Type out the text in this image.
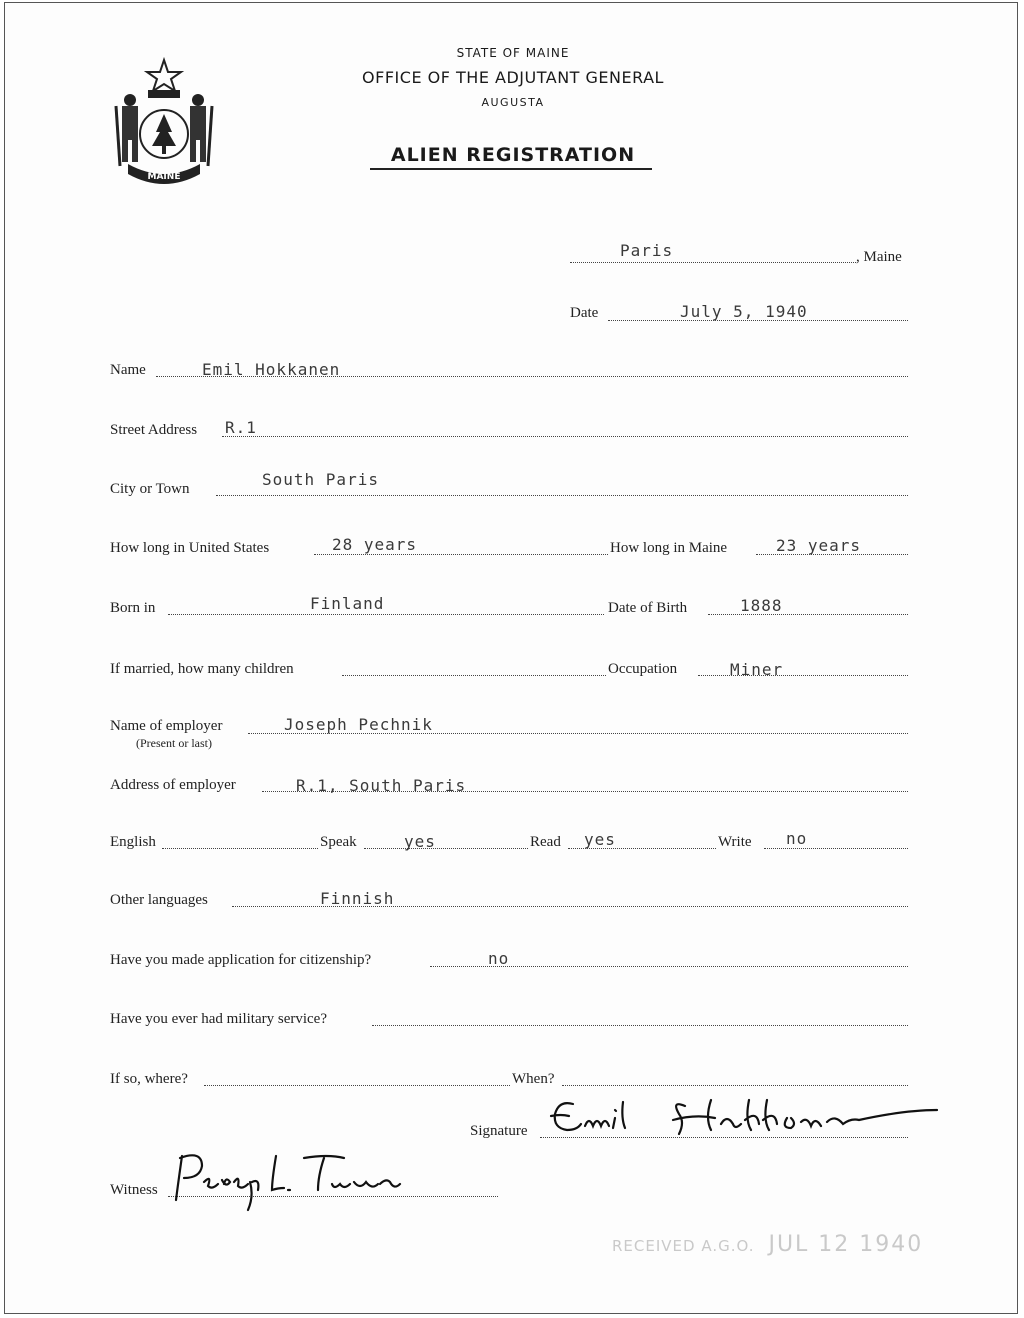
MAINE
STATE OF MAINE
OFFICE OF THE ADJUTANT GENERAL
AUGUSTA
ALIEN REGISTRATION
Paris	, Maine
Date	July 5, 1940
Name	Emil Hokkanen
Street Address R.1
City or Town	South Paris
How long in United States	28 years	How long in Maine	23 years
Born in	Finland	Date of Birth	1888
If married, how many children	Occupation	Miner
Name of employer
(Present or last)
Joseph Pechnik
Address of employer	R.1, South Paris
English	Speak	yes	Read yes	Write no
Other languages	Finnish
Have you made application for citizenship?	no
Have you ever had military service?
If so, where?	When?
Signature
Witness
RECEIVED A.G.O. JUL 12 1940
